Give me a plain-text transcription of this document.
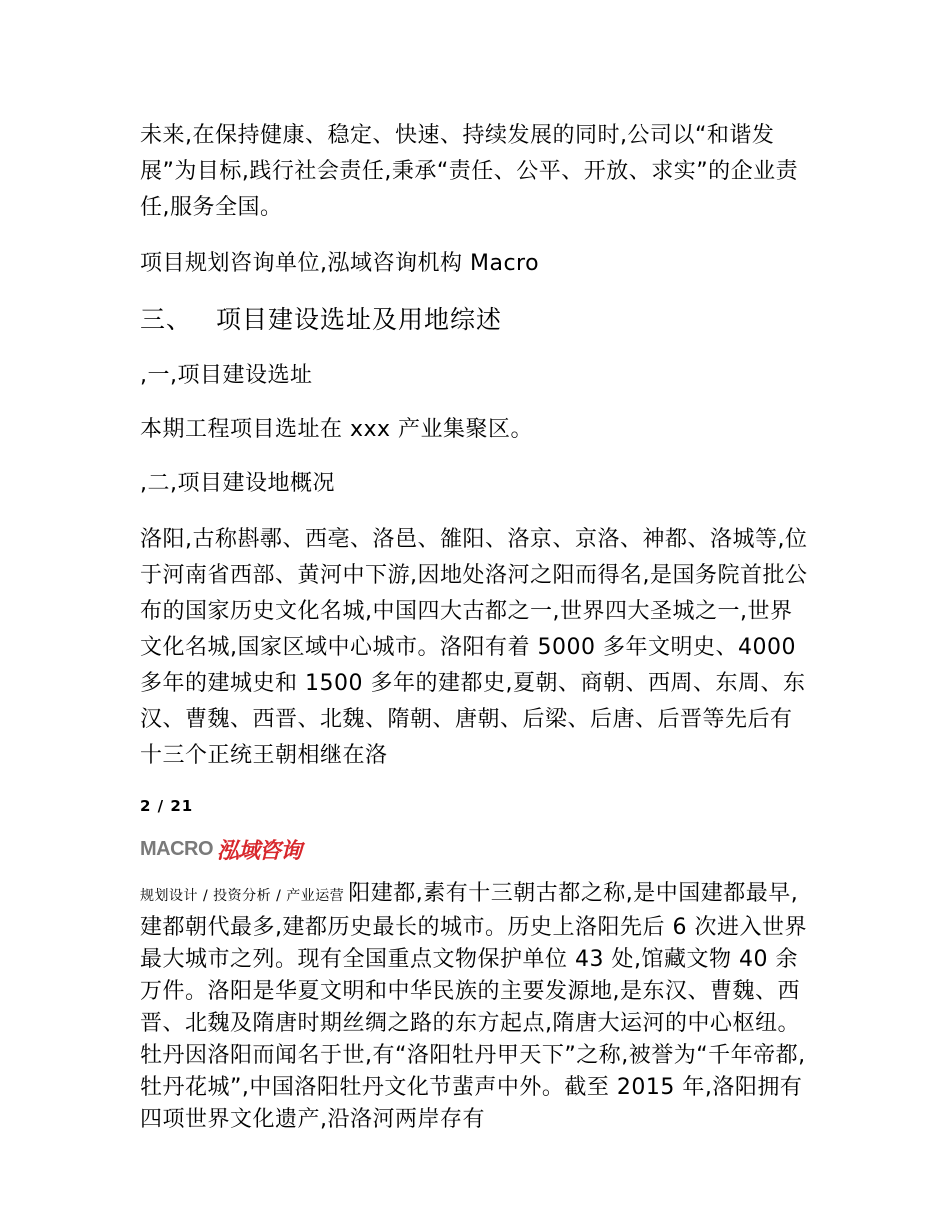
未来,在保持健康、稳定、快速、持续发展的同时,公司以“和谐发展”为目标,践行社会责任,秉承“责任、公平、开放、求实”的企业责任,服务全国。

项目规划咨询单位,泓域咨询机构 Macro

三、 项目建设选址及用地综述

,一,项目建设选址

本期工程项目选址在 xxx 产业集聚区。

,二,项目建设地概况

洛阳,古称斟鄩、西亳、洛邑、雒阳、洛京、京洛、神都、洛城等,位于河南省西部、黄河中下游,因地处洛河之阳而得名,是国务院首批公布的国家历史文化名城,中国四大古都之一,世界四大圣城之一,世界文化名城,国家区域中心城市。洛阳有着 5000 多年文明史、4000 多年的建城史和 1500 多年的建都史,夏朝、商朝、西周、东周、东汉、曹魏、西晋、北魏、隋朝、唐朝、后梁、后唐、后晋等先后有十三个正统王朝相继在洛

2 / 21
MACRO 泓域咨询

规划设计 / 投资分析 / 产业运营 阳建都,素有十三朝古都之称,是中国建都最早,建都朝代最多,建都历史最长的城市。历史上洛阳先后 6 次进入世界最大城市之列。现有全国重点文物保护单位 43 处,馆藏文物 40 余万件。洛阳是华夏文明和中华民族的主要发源地,是东汉、曹魏、西晋、北魏及隋唐时期丝绸之路的东方起点,隋唐大运河的中心枢纽。牡丹因洛阳而闻名于世,有“洛阳牡丹甲天下”之称,被誉为“千年帝都,牡丹花城”,中国洛阳牡丹文化节蜚声中外。截至 2015 年,洛阳拥有四项世界文化遗产,沿洛河两岸存有
